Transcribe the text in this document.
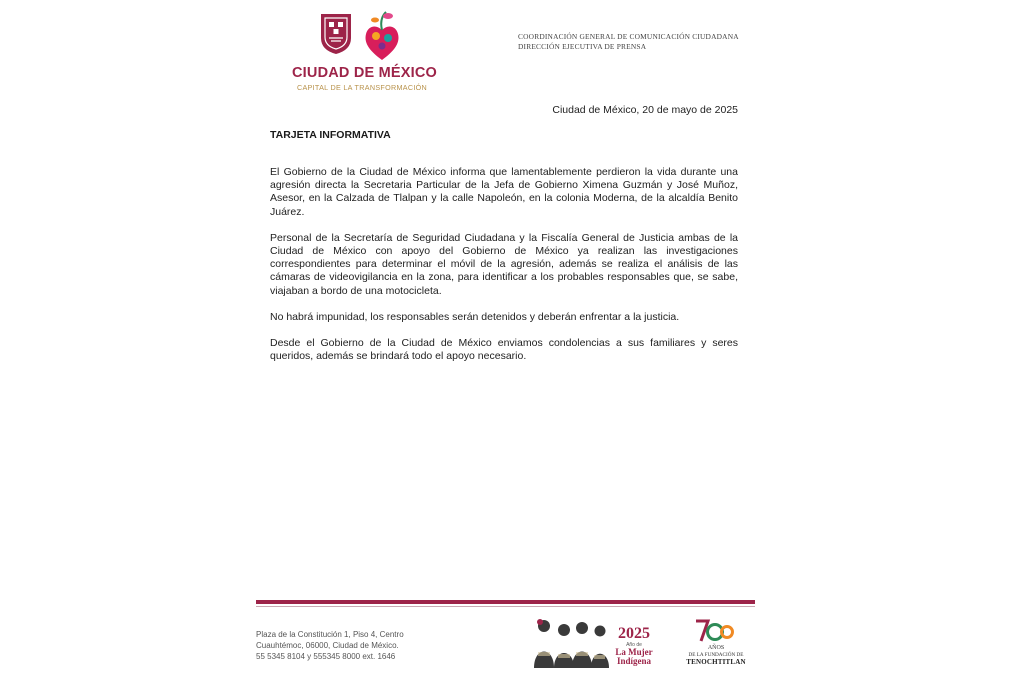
CIUDAD DE MÉXICO
CAPITAL DE LA TRANSFORMACIÓN
COORDINACIÓN GENERAL DE COMUNICACIÓN CIUDADANA
DIRECCIÓN EJECUTIVA DE PRENSA
Ciudad de México, 20 de mayo de 2025
TARJETA INFORMATIVA

El Gobierno de la Ciudad de México informa que lamentablemente perdieron la vida durante una agresión directa la Secretaria Particular de la Jefa de Gobierno Ximena Guzmán y José Muñoz, Asesor, en la Calzada de Tlalpan y la calle Napoleón, en la colonia Moderna, de la alcaldía Benito Juárez.

Personal de la Secretaría de Seguridad Ciudadana y la Fiscalía General de Justicia ambas de la Ciudad de México con apoyo del Gobierno de México ya realizan las investigaciones correspondientes para determinar el móvil de la agresión, además se realiza el análisis de las cámaras de videovigilancia en la zona, para identificar a los probables responsables que, se sabe, viajaban a bordo de una motocicleta.

No habrá impunidad, los responsables serán detenidos y deberán enfrentar a la justicia.

Desde el Gobierno de la Ciudad de México enviamos condolencias a sus familiares y seres queridos, además se brindará todo el apoyo necesario.

Plaza de la Constitución 1, Piso 4, Centro
Cuauhtémoc, 06000, Ciudad de México.
55 5345 8104 y 555345 8000 ext. 1646
2025
Año de
La Mujer
Indígena
AÑOS
DE LA FUNDACIÓN DE
TENOCHTITLAN
